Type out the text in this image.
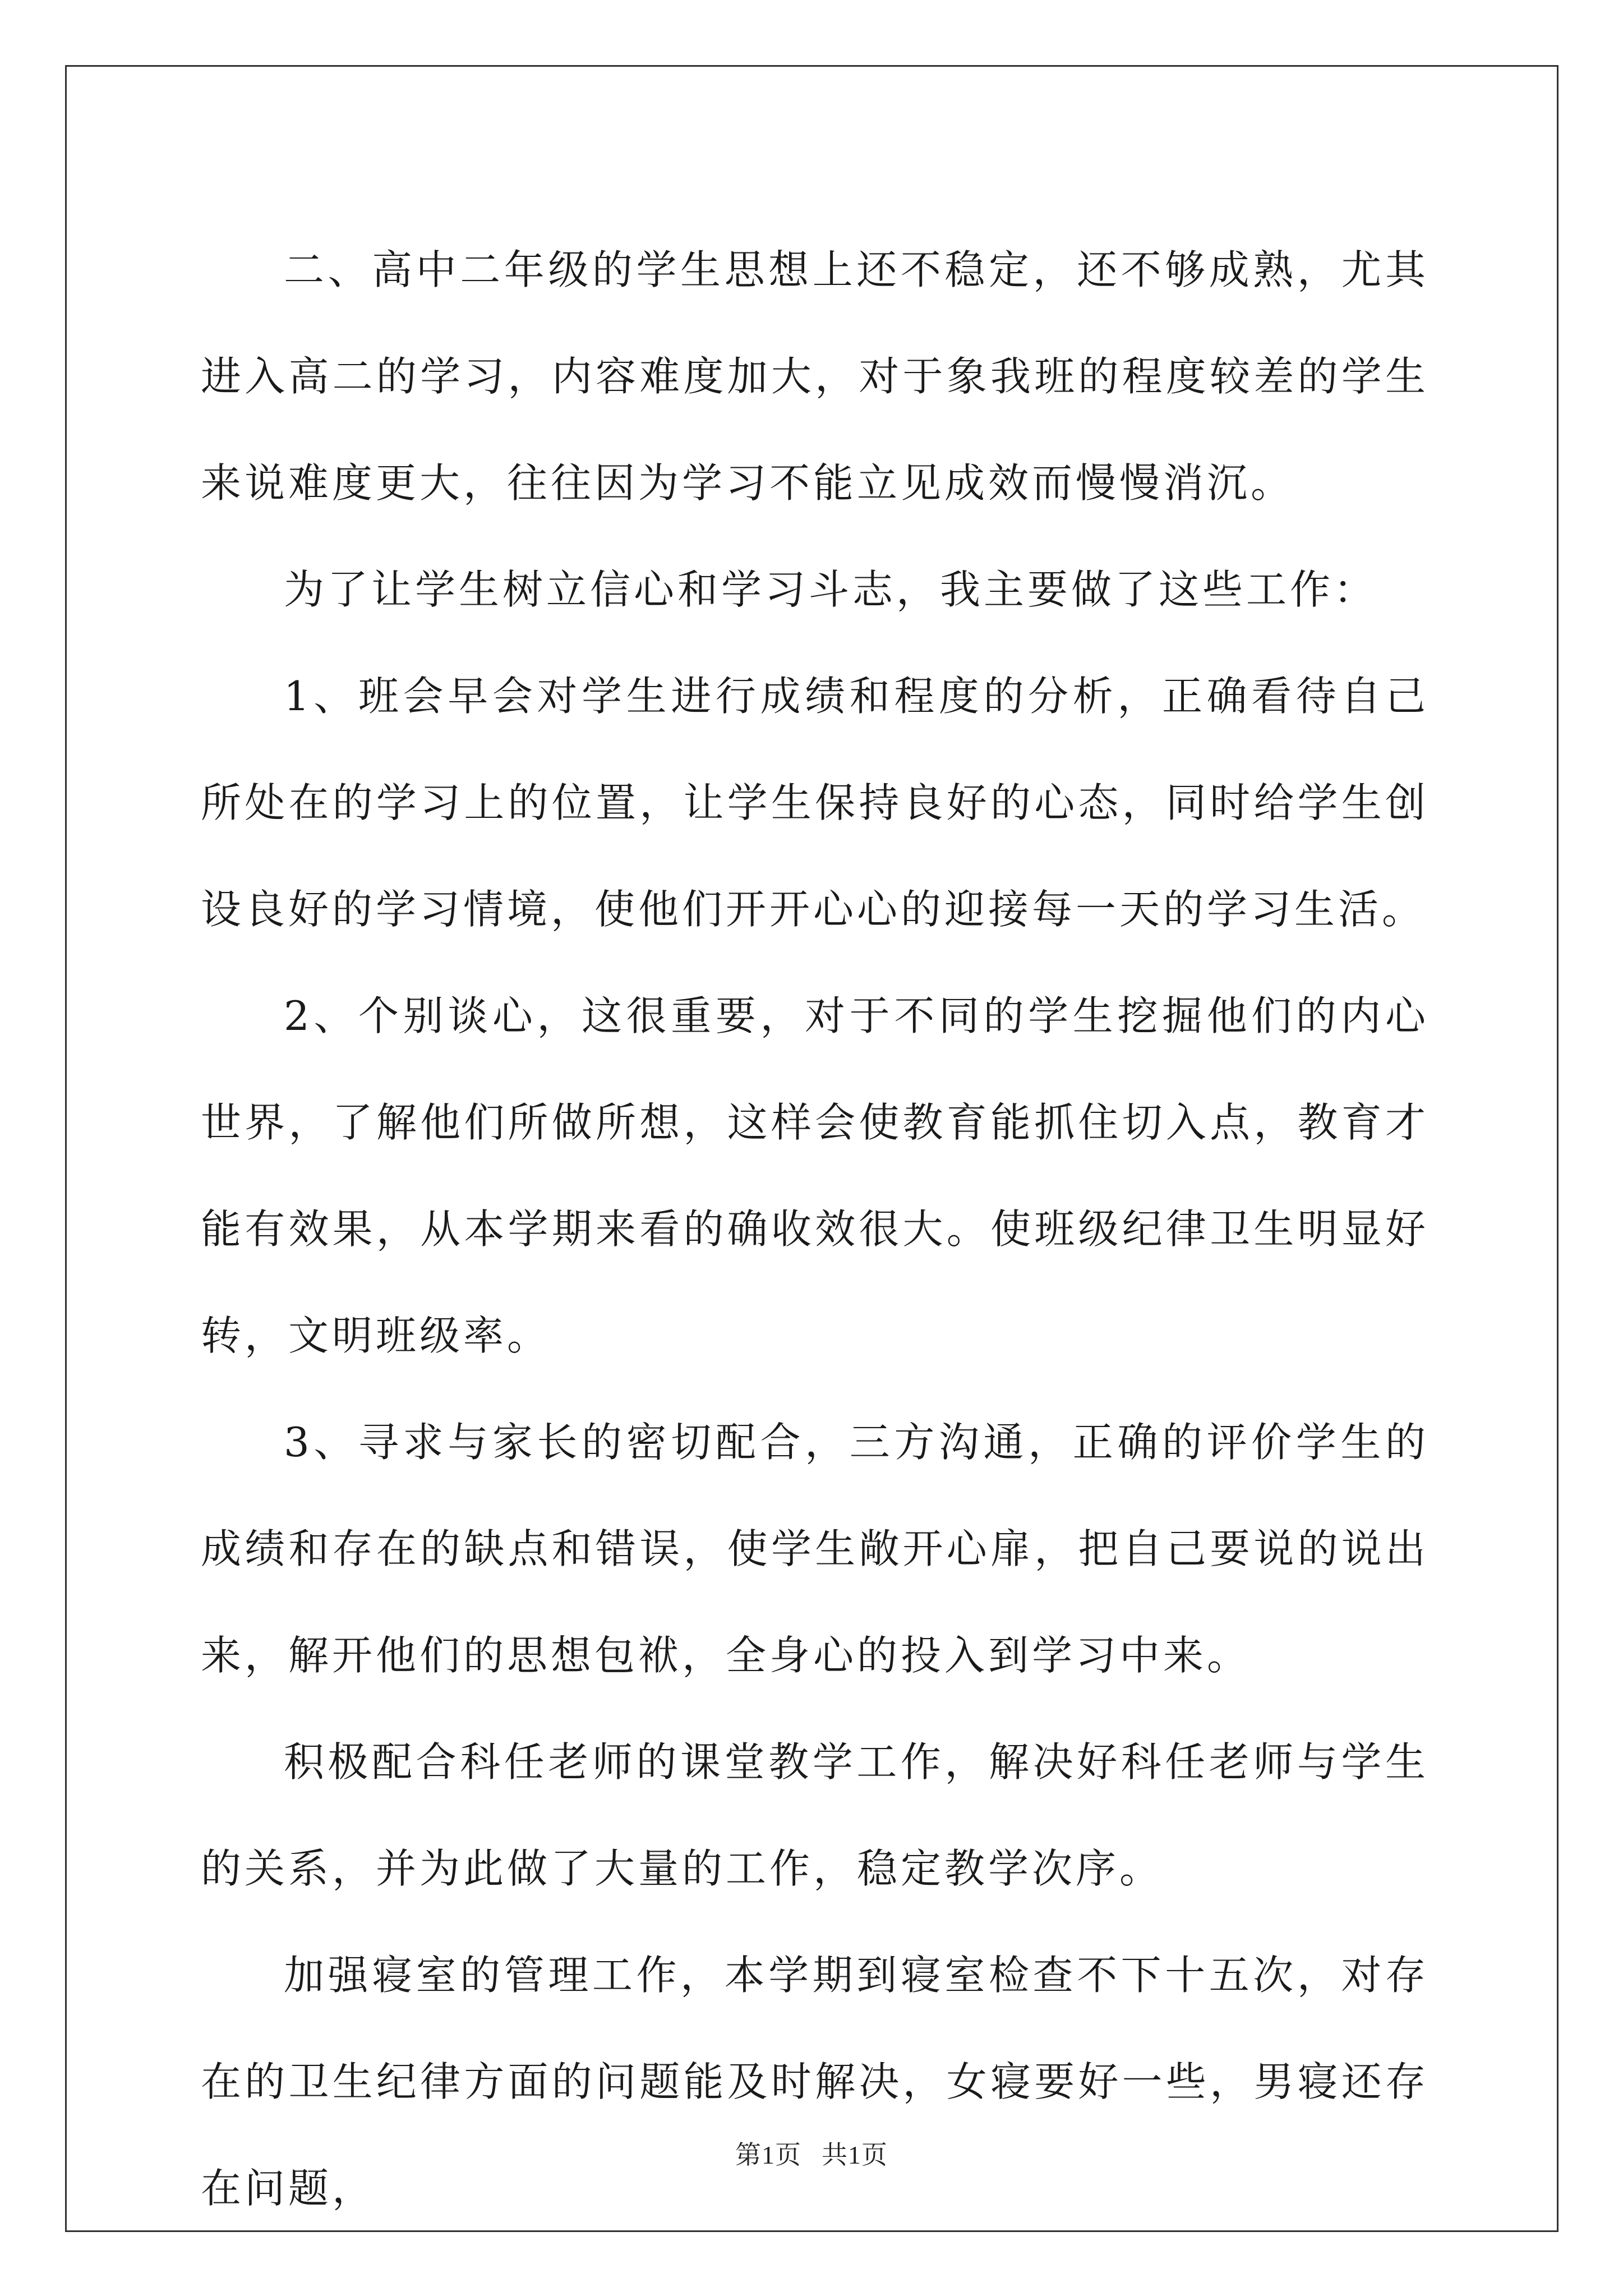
二、高中二年级的学生思想上还不稳定，还不够成熟，尤其进入高二的学习，内容难度加大，对于象我班的程度较差的学生来说难度更大，往往因为学习不能立见成效而慢慢消沉。

为了让学生树立信心和学习斗志，我主要做了这些工作：

1、班会早会对学生进行成绩和程度的分析，正确看待自己所处在的学习上的位置，让学生保持良好的心态，同时给学生创设良好的学习情境，使他们开开心心的迎接每一天的学习生活。

2、个别谈心，这很重要，对于不同的学生挖掘他们的内心世界，了解他们所做所想，这样会使教育能抓住切入点，教育才能有效果，从本学期来看的确收效很大。使班级纪律卫生明显好转，文明班级率。

3、寻求与家长的密切配合，三方沟通，正确的评价学生的成绩和存在的缺点和错误，使学生敞开心扉，把自己要说的说出来，解开他们的思想包袱，全身心的投入到学习中来。

积极配合科任老师的课堂教学工作，解决好科任老师与学生的关系，并为此做了大量的工作，稳定教学次序。

加强寝室的管理工作，本学期到寝室检查不下十五次，对存在的卫生纪律方面的问题能及时解决，女寝要好一些，男寝还存在问题，

第1页 共1页
